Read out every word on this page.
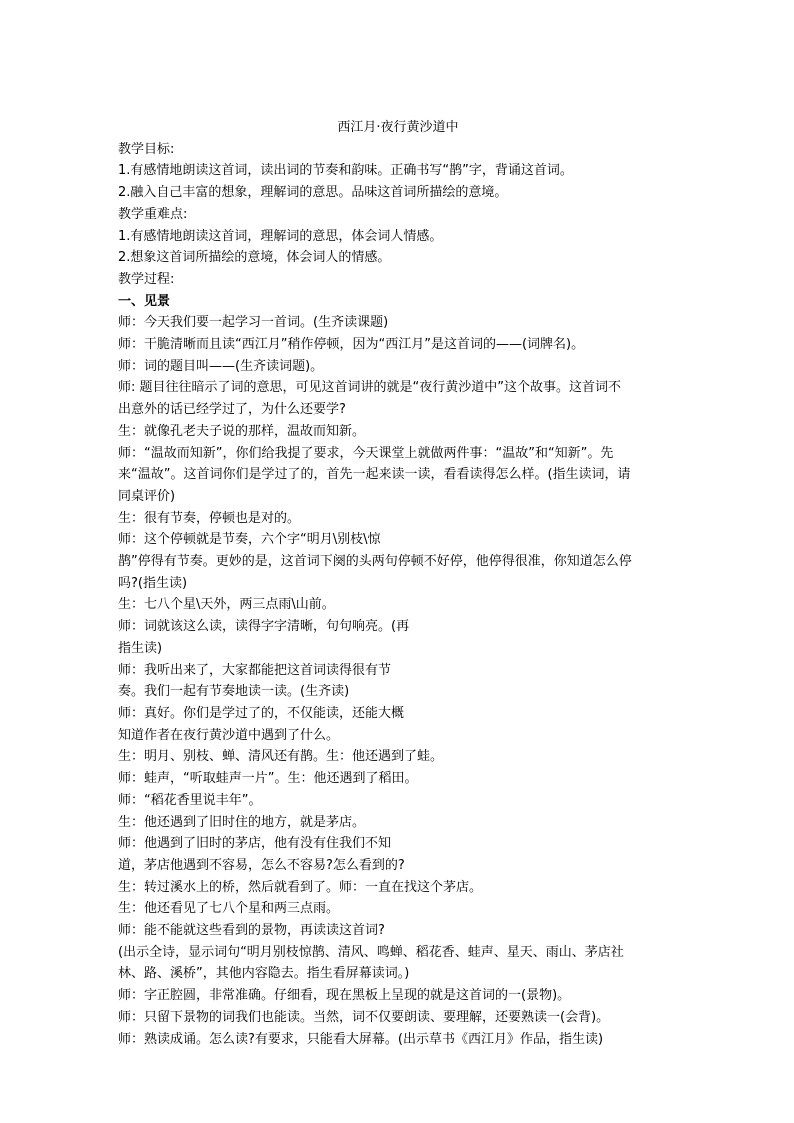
西江月·夜行黄沙道中
教学目标:
1.有感情地朗读这首词，读出词的节奏和韵味。正确书写“鹊”字，背诵这首词。
2.融入自己丰富的想象，理解词的意思。品味这首词所描绘的意境。
教学重难点:
1.有感情地朗读这首词，理解词的意思，体会词人情感。
2.想象这首词所描绘的意境，体会词人的情感。
教学过程:
一、见景
师：今天我们要一起学习一首词。(生齐读课题)
师：干脆清晰而且读“西江月”稍作停顿，因为“西江月”是这首词的——(词牌名)。
师：词的题目叫——(生齐读词题)。
师: 题目往往暗示了词的意思，可见这首词讲的就是“夜行黄沙道中”这个故事。这首词不
出意外的话已经学过了，为什么还要学?
生：就像孔老夫子说的那样，温故而知新。
师：“温故而知新”，你们给我提了要求，今天课堂上就做两件事：“温故”和“知新”。先
来“温故”。这首词你们是学过了的，首先一起来读一读，看看读得怎么样。(指生读词，请
同桌评价)
生：很有节奏，停顿也是对的。
师：这个停顿就是节奏，六个字“明月\别枝\惊
鹊”停得有节奏。更妙的是，这首词下阕的头两句停顿不好停，他停得很准，你知道怎么停
吗?(指生读)
生：七八个星\天外，两三点雨\山前。
师：词就该这么读，读得字字清晰，句句响亮。(再
指生读)
师：我听出来了，大家都能把这首词读得很有节
奏。我们一起有节奏地读一读。(生齐读)
师：真好。你们是学过了的，不仅能读，还能大概
知道作者在夜行黄沙道中遇到了什么。
生：明月、别枝、蝉、清风还有鹊。生：他还遇到了蛙。
师：蛙声，“听取蛙声一片”。生：他还遇到了稻田。
师：“稻花香里说丰年”。
生：他还遇到了旧时住的地方，就是茅店。
师：他遇到了旧时的茅店，他有没有住我们不知
道，茅店他遇到不容易，怎么不容易?怎么看到的?
生：转过溪水上的桥，然后就看到了。师：一直在找这个茅店。
生：他还看见了七八个星和两三点雨。
师：能不能就这些看到的景物，再读读这首词?
(出示全诗，显示词句“明月别枝惊鹊、清风、鸣蝉、稻花香、蛙声、星天、雨山、茅店社
林、路、溪桥”，其他内容隐去。指生看屏幕读词。)
师：字正腔圆，非常准确。仔细看，现在黑板上呈现的就是这首词的一(景物)。
师：只留下景物的词我们也能读。当然，词不仅要朗读、要理解，还要熟读一(会背)。
师：熟读成诵。怎么读?有要求，只能看大屏幕。(出示草书《西江月》作品，指生读)
